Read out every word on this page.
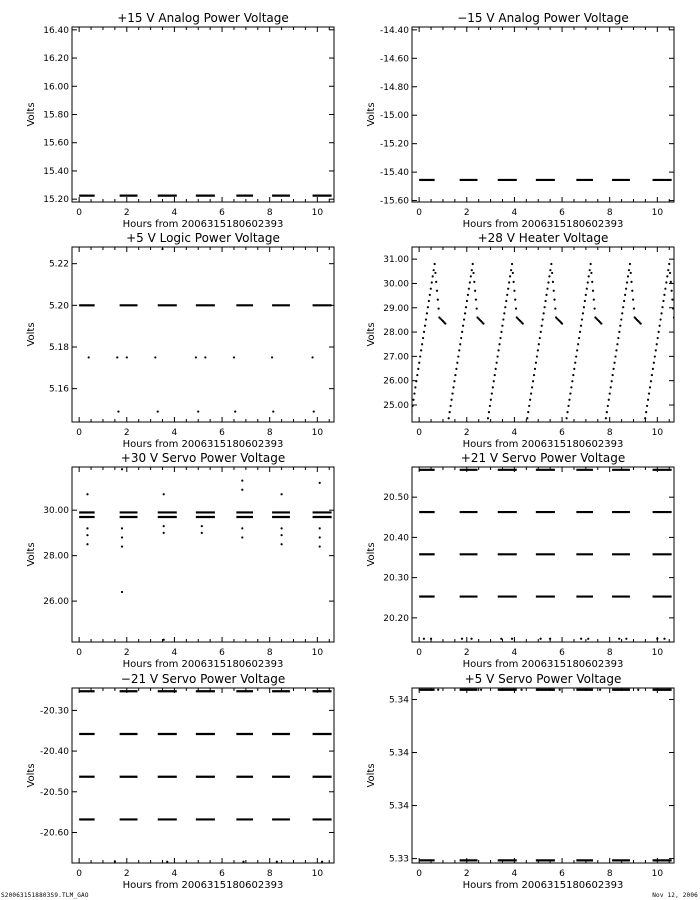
+15 V Analog Power Voltage
0	2	4	6	8	10
15.20
15.40
15.60
15.80
16.00
16.20
16.40
Hours from 2006315180602393
Volts
−15 V Analog Power Voltage
0	2	4	6	8	10
-15.60
-15.40
-15.20
-15.00
-14.80
-14.60
-14.40
Hours from 2006315180602393
Volts
+5 V Logic Power Voltage
0	2	4	6	8	10
5.16
5.18
5.20
5.22
Hours from 2006315180602393
Volts
+28 V Heater Voltage
0	2	4	6	8	10
25.00
26.00
27.00
28.00
29.00
30.00
31.00
Hours from 2006315180602393
Volts
+30 V Servo Power Voltage
0	2	4	6	8	10
26.00
28.00
30.00
Hours from 2006315180602393
Volts
+21 V Servo Power Voltage
0	2	4	6	8	10
20.20
20.30
20.40
20.50
Hours from 2006315180602393
Volts
−21 V Servo Power Voltage
0	2	4	6	8	10
-20.60
-20.50
-20.40
-20.30
Hours from 2006315180602393
Volts
+5 V Servo Power Voltage
0	2	4	6	8	10
5.33
5.34
5.34
5.34
Hours from 2006315180602393
Volts
S200631518803S9.TLM_GAO	Nov 12, 2006
